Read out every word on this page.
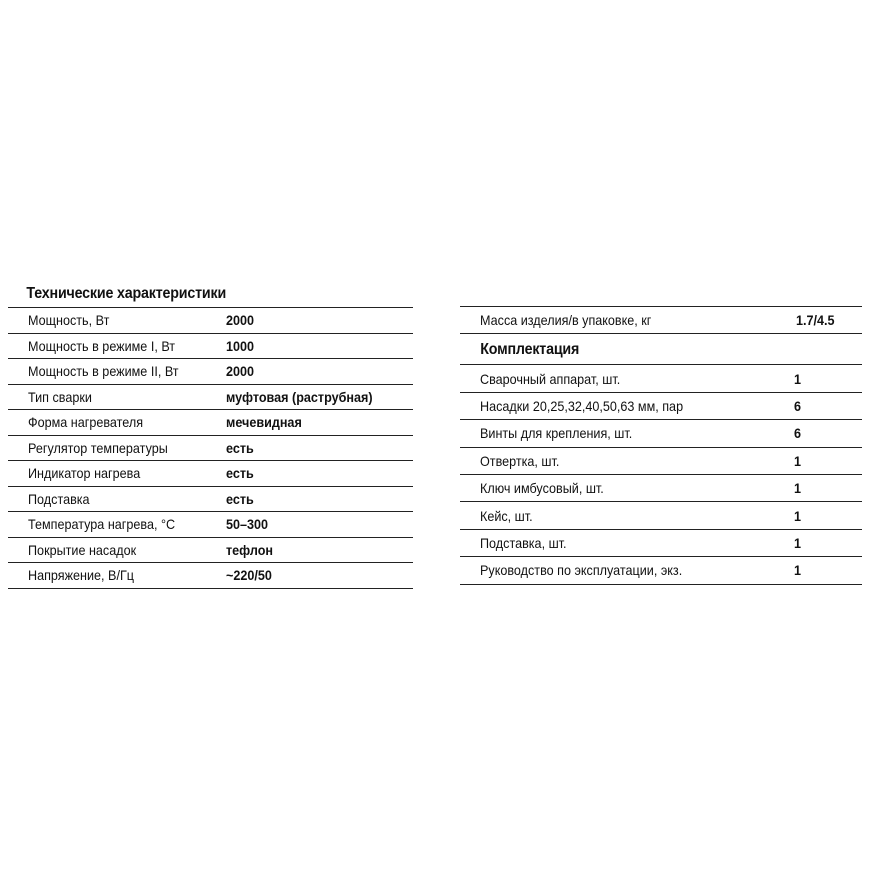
Технические характеристики
Мощность, Вт	2000
Мощность в режиме I, Вт	1000
Мощность в режиме II, Вт	2000
Тип сварки	муфтовая (раструбная)
Форма нагревателя	мечевидная
Регулятор температуры	есть
Индикатор нагрева	есть
Подставка	есть
Температура нагрева, °C	50–300
Покрытие насадок	тефлон
Напряжение, В/Гц	~220/50
Масса изделия/в упаковке, кг	1.7/4.5
Комплектация
Сварочный аппарат, шт.	1
Насадки 20,25,32,40,50,63 мм, пар	6
Винты для крепления, шт.	6
Отвертка, шт.	1
Ключ имбусовый, шт.	1
Кейс, шт.	1
Подставка, шт.	1
Руководство по эксплуатации, экз.	1
